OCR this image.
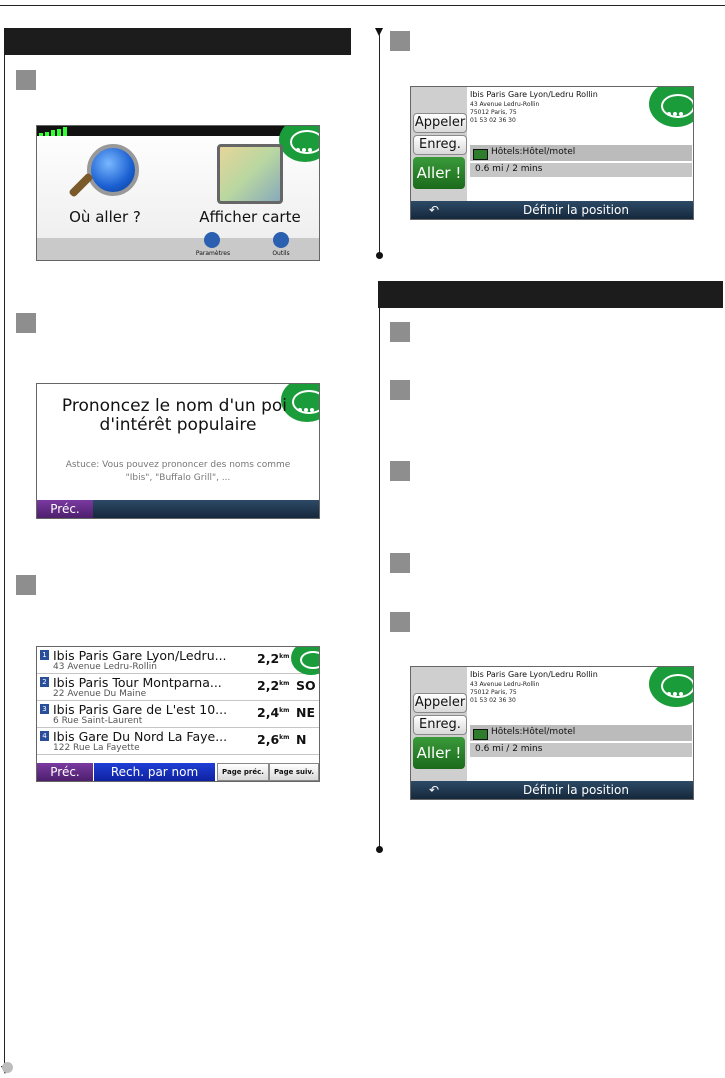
Où aller ?	Afficher carte
Paramètres	Outils
Prononcez le nom d'un poi
d'intérêt populaire
Astuce: Vous pouvez prononcer des noms comme
"Ibis", "Buffalo Grill", ...
Préc.
1 Ibis Paris Gare Lyon/Ledru...
43 Avenue Ledru-Rollin
$2,2^{km}$
2 Ibis Paris Tour Montparna...
22 Avenue Du Maine
$2,2^{km}$ SO
3 Ibis Paris Gare de L'est 10...
6 Rue Saint-Laurent
$2,4^{km}$ NE
4 Ibis Gare Du Nord La Faye...
122 Rue La Fayette
$2,6^{km}$ N
Préc.	Rech. par nom	Page préc.	Page suiv.
Appeler
Enreg.
Aller !
Ibis Paris Gare Lyon/Ledru Rollin
43 Avenue Ledru-Rollin
75012 Paris, 75
01 53 02 36 30
Hôtels:Hôtel/motel
0.6 mi / 2 mins
↶	Définir la position
Appeler
Enreg.
Aller !
Ibis Paris Gare Lyon/Ledru Rollin
43 Avenue Ledru-Rollin
75012 Paris, 75
01 53 02 36 30
Hôtels:Hôtel/motel
0.6 mi / 2 mins
↶	Définir la position
